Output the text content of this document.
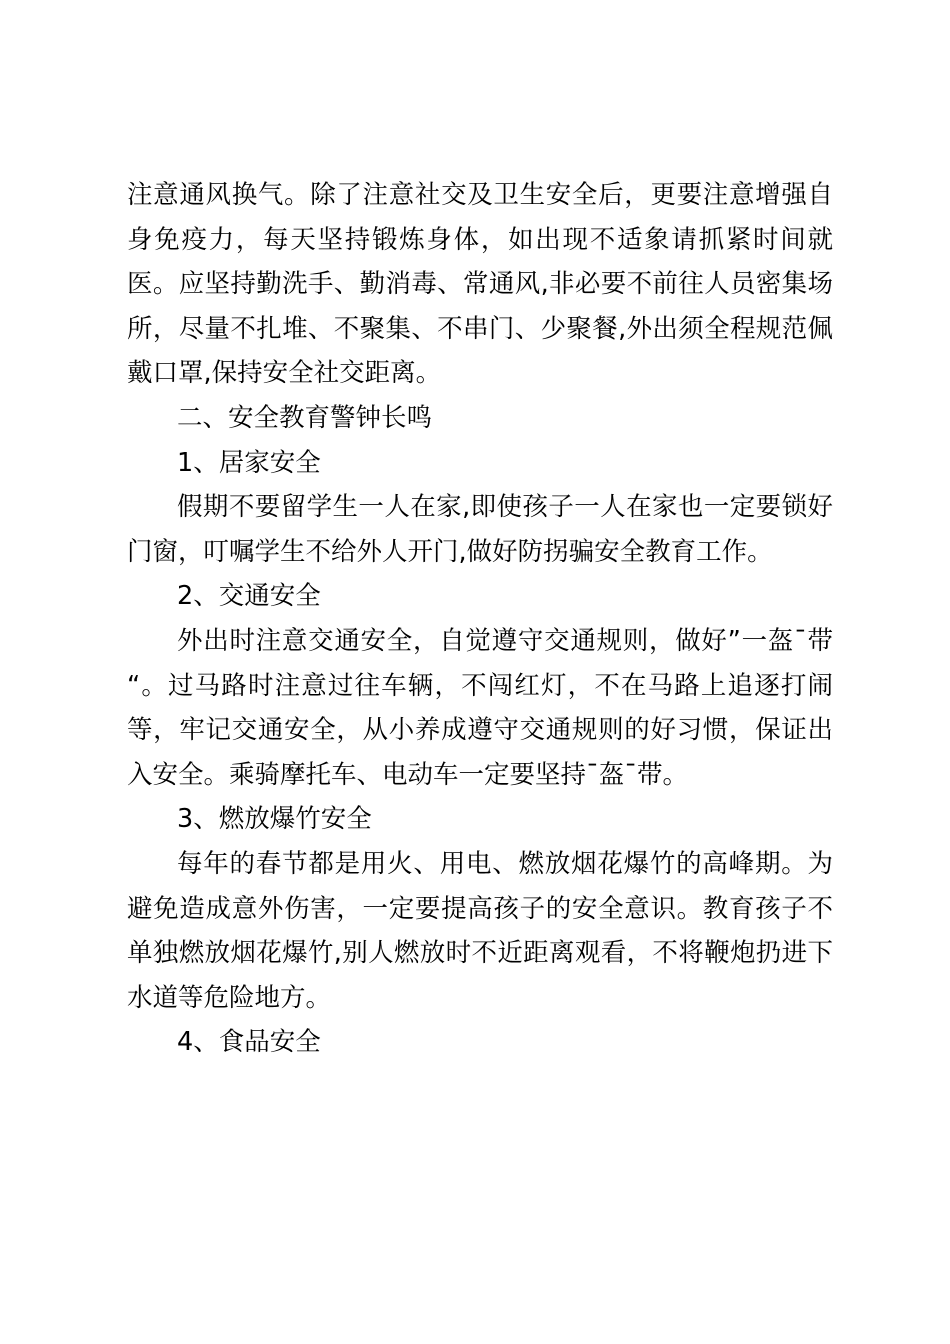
注意通风换气。除了注意社交及卫生安全后，更要注意增强自
身免疫力，每天坚持锻炼身体，如出现不适象请抓紧时间就
医。应坚持勤洗手、勤消毒、常通风,非必要不前往人员密集场
所，尽量不扎堆、不聚集、不串门、少聚餐,外出须全程规范佩
戴口罩,保持安全社交距离。
二、安全教育警钟长鸣
1、居家安全
假期不要留学生一人在家,即使孩子一人在家也一定要锁好
门窗，叮嘱学生不给外人开门,做好防拐骗安全教育工作。
2、交通安全
外出时注意交通安全，自觉遵守交通规则，做好”一盔¯带
“。过马路时注意过往车辆，不闯红灯，不在马路上追逐打闹
等，牢记交通安全，从小养成遵守交通规则的好习惯，保证出
入安全。乘骑摩托车、电动车一定要坚持¯盔¯带。
3、燃放爆竹安全
每年的春节都是用火、用电、燃放烟花爆竹的高峰期。为
避免造成意外伤害，一定要提高孩子的安全意识。教育孩子不
单独燃放烟花爆竹,别人燃放时不近距离观看，不将鞭炮扔进下
水道等危险地方。
4、食品安全
